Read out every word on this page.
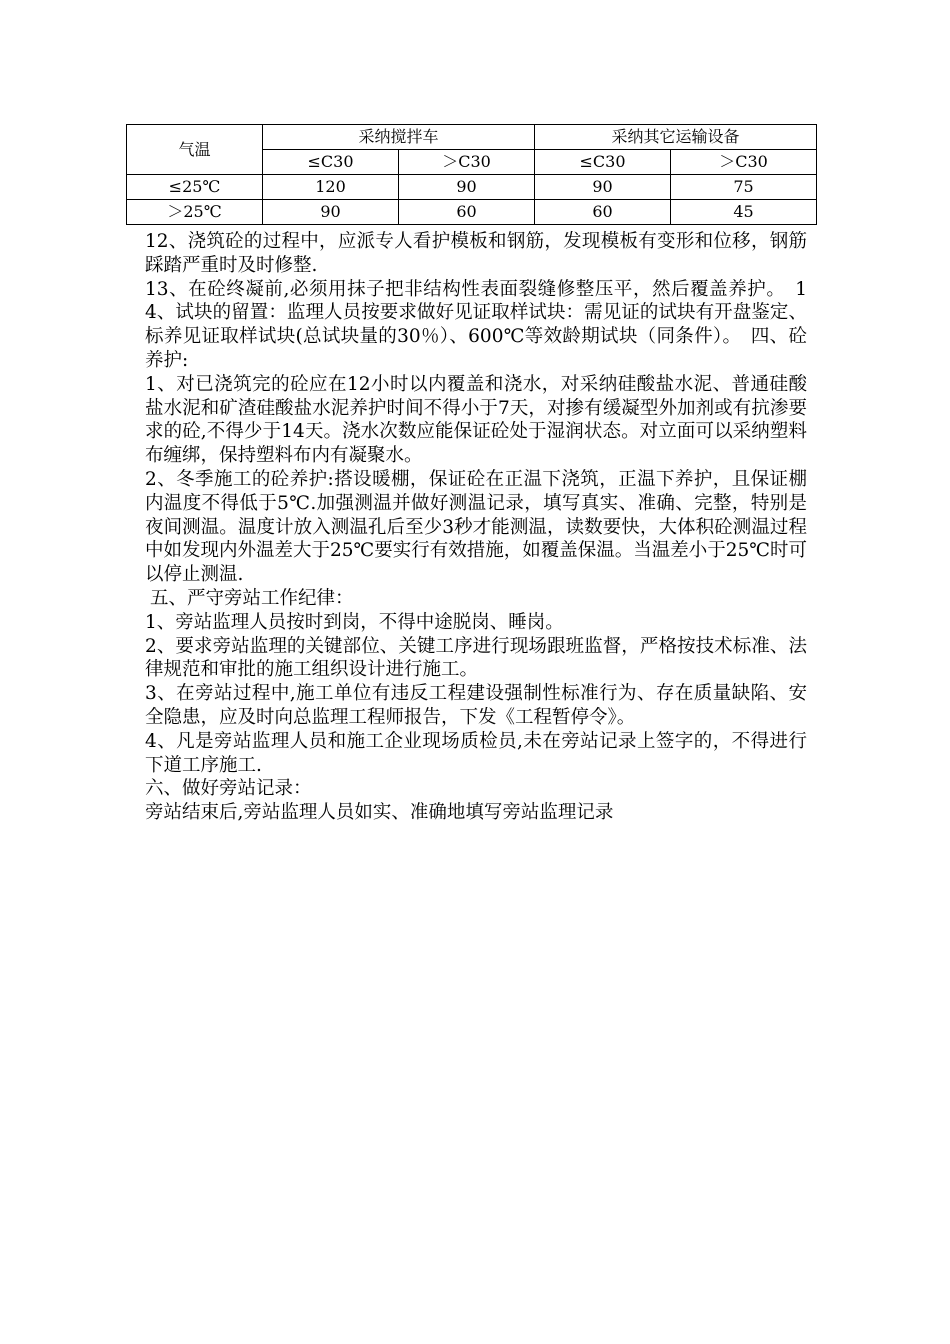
气温	采纳搅拌车		采纳其它运输设备	
	≤C30	＞C30	≤C30	＞C30
≤25℃	120	90	90	75
＞25℃	90	60	60	45

12、浇筑砼的过程中，应派专人看护模板和钢筋，发现模板有变形和位移，钢筋踩踏严重时及时修整.

13、在砼终凝前,必须用抹子把非结构性表面裂缝修整压平，然后覆盖养护。　14、试块的留置：监理人员按要求做好见证取样试块：需见证的试块有开盘鉴定、标养见证取样试块(总试块量的30％）、600℃等效龄期试块（同条件）。　四、砼养护:

1、对已浇筑完的砼应在12小时以内覆盖和浇水，对采纳硅酸盐水泥、普通硅酸盐水泥和矿渣硅酸盐水泥养护时间不得小于7天，对掺有缓凝型外加剂或有抗渗要求的砼,不得少于14天。浇水次数应能保证砼处于湿润状态。对立面可以采纳塑料布缠绑，保持塑料布内有凝聚水。

2、冬季施工的砼养护:搭设暖棚，保证砼在正温下浇筑，正温下养护，且保证棚内温度不得低于5℃.加强测温并做好测温记录，填写真实、准确、完整，特别是夜间测温。温度计放入测温孔后至少3秒才能测温，读数要快，大体积砼测温过程中如发现内外温差大于25℃要实行有效措施，如覆盖保温。当温差小于25℃时可以停止测温.

五、严守旁站工作纪律：

1、旁站监理人员按时到岗，不得中途脱岗、睡岗。

2、要求旁站监理的关键部位、关键工序进行现场跟班监督，严格按技术标准、法律规范和审批的施工组织设计进行施工。

3、在旁站过程中,施工单位有违反工程建设强制性标准行为、存在质量缺陷、安全隐患，应及时向总监理工程师报告，下发《工程暂停令》。

4、凡是旁站监理人员和施工企业现场质检员,未在旁站记录上签字的，不得进行下道工序施工.

六、做好旁站记录：

旁站结束后,旁站监理人员如实、准确地填写旁站监理记录
